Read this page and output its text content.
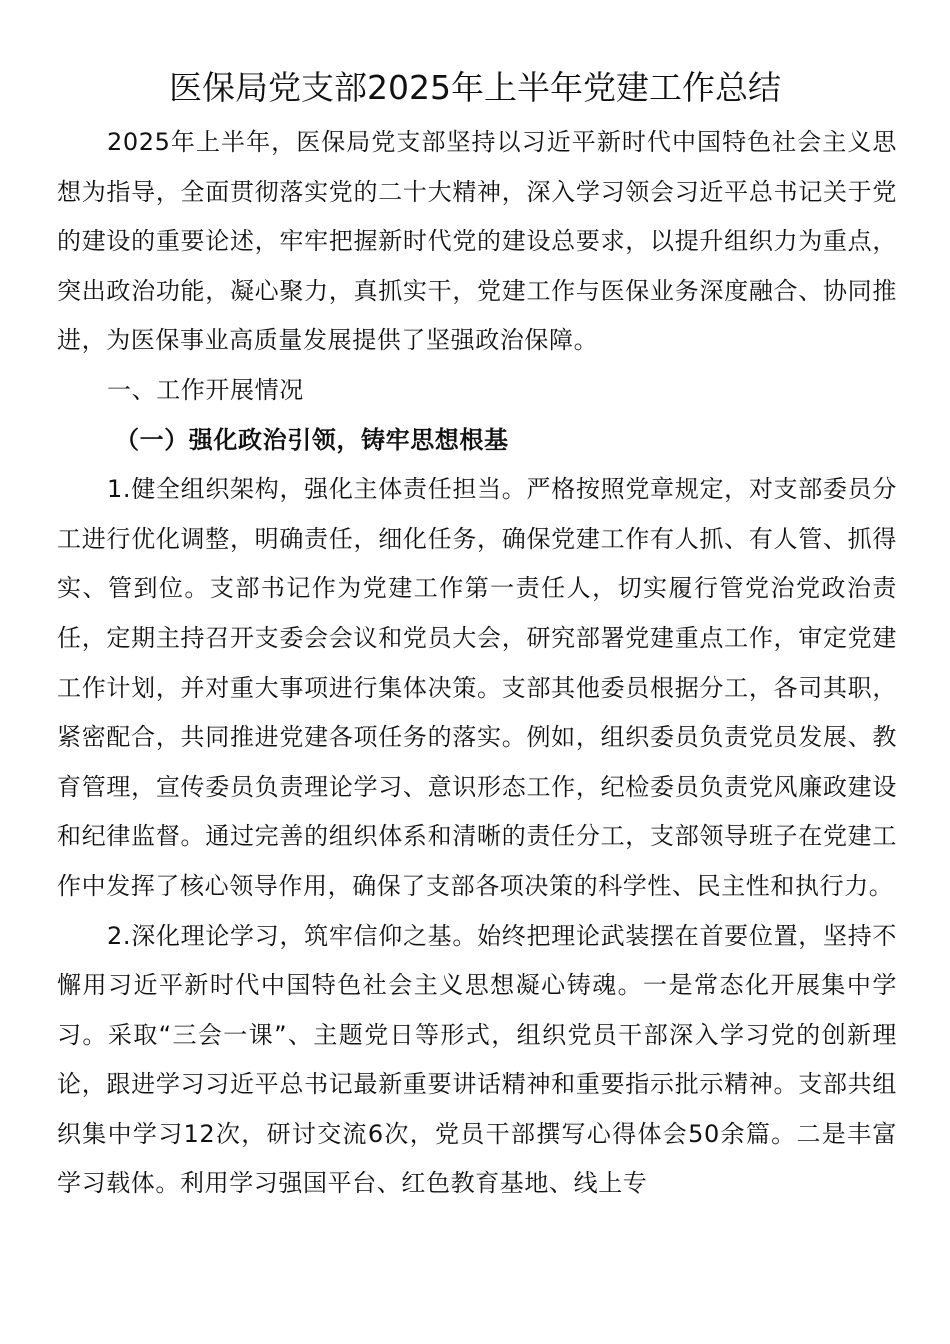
医保局党支部2025年上半年党建工作总结

2025年上半年，医保局党支部坚持以习近平新时代中国特色社会主义思想为指导，全面贯彻落实党的二十大精神，深入学习领会习近平总书记关于党的建设的重要论述，牢牢把握新时代党的建设总要求，以提升组织力为重点，突出政治功能，凝心聚力，真抓实干，党建工作与医保业务深度融合、协同推进，为医保事业高质量发展提供了坚强政治保障。

一、工作开展情况

（一）强化政治引领，铸牢思想根基

1.健全组织架构，强化主体责任担当。严格按照党章规定，对支部委员分工进行优化调整，明确责任，细化任务，确保党建工作有人抓、有人管、抓得实、管到位。支部书记作为党建工作第一责任人，切实履行管党治党政治责任，定期主持召开支委会会议和党员大会，研究部署党建重点工作，审定党建工作计划，并对重大事项进行集体决策。支部其他委员根据分工，各司其职，紧密配合，共同推进党建各项任务的落实。例如，组织委员负责党员发展、教育管理，宣传委员负责理论学习、意识形态工作，纪检委员负责党风廉政建设和纪律监督。通过完善的组织体系和清晰的责任分工，支部领导班子在党建工作中发挥了核心领导作用，确保了支部各项决策的科学性、民主性和执行力。

2.深化理论学习，筑牢信仰之基。始终把理论武装摆在首要位置，坚持不懈用习近平新时代中国特色社会主义思想凝心铸魂。一是常态化开展集中学习。采取“三会一课”、主题党日等形式，组织党员干部深入学习党的创新理论，跟进学习习近平总书记最新重要讲话精神和重要指示批示精神。支部共组织集中学习12次，研讨交流6次，党员干部撰写心得体会50余篇。二是丰富学习载体。利用学习强国平台、红色教育基地、线上专
